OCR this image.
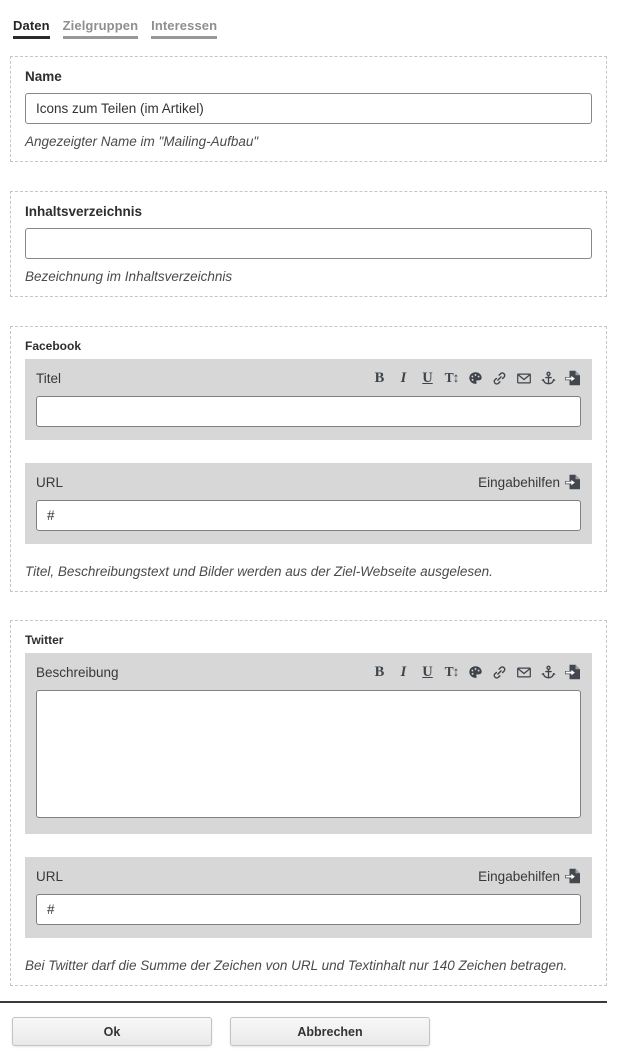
Daten Zielgruppen Interessen
Name
Icons zum Teilen (im Artikel)
Angezeigter Name im "Mailing-Aufbau"
Inhaltsverzeichnis
Bezeichnung im Inhaltsverzeichnis
Facebook
Titel	B	I	U T↕
URL	Eingabehilfen
#
Titel, Beschreibungstext und Bilder werden aus der Ziel-Webseite ausgelesen.
Twitter
Beschreibung	B	I	U T↕
URL	Eingabehilfen
#
Bei Twitter darf die Summe der Zeichen von URL und Textinhalt nur 140 Zeichen betragen.
Ok	Abbrechen
